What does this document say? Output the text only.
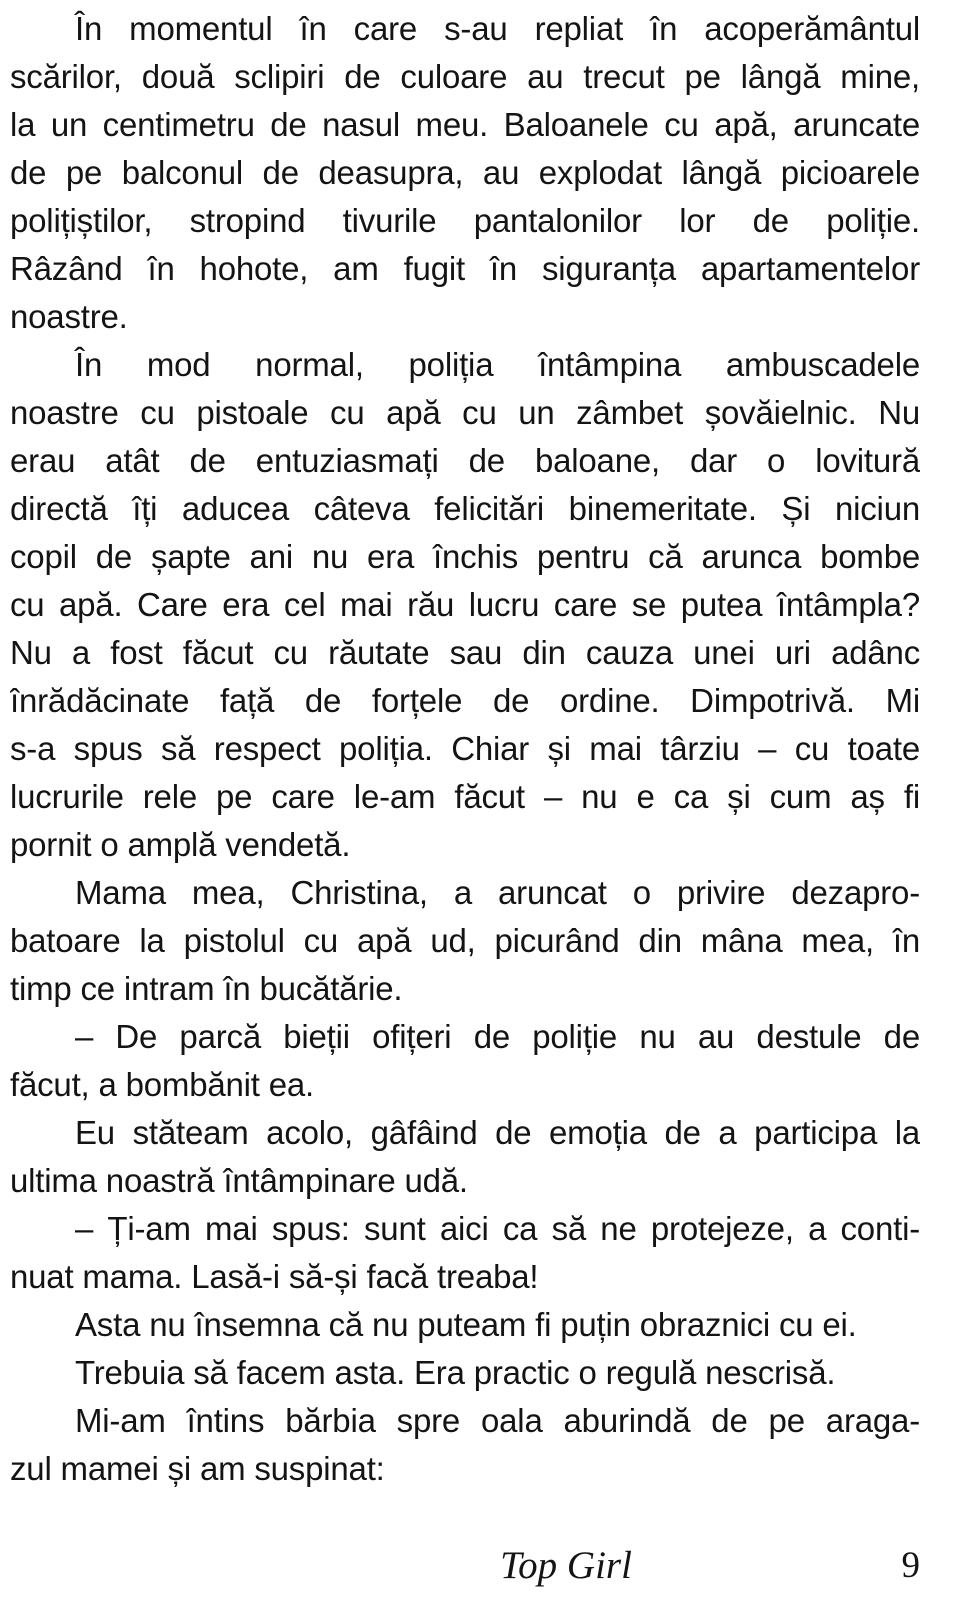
În momentul în care s-au repliat în acoperământul
scărilor, două sclipiri de culoare au trecut pe lângă mine,
la un centimetru de nasul meu. Baloanele cu apă, aruncate
de pe balconul de deasupra, au explodat lângă picioarele
polițiștilor, stropind tivurile pantalonilor lor de poliție.
Râzând în hohote, am fugit în siguranța apartamentelor
noastre.
În mod normal, poliția întâmpina ambuscadele
noastre cu pistoale cu apă cu un zâmbet șovăielnic. Nu
erau atât de entuziasmați de baloane, dar o lovitură
directă îți aducea câteva felicitări binemeritate. Și niciun
copil de șapte ani nu era închis pentru că arunca bombe
cu apă. Care era cel mai rău lucru care se putea întâmpla?
Nu a fost făcut cu răutate sau din cauza unei uri adânc
înrădăcinate față de forțele de ordine. Dimpotrivă. Mi
s-a spus să respect poliția. Chiar și mai târziu – cu toate
lucrurile rele pe care le-am făcut – nu e ca și cum aș fi
pornit o amplă vendetă.
Mama mea, Christina, a aruncat o privire dezapro-
batoare la pistolul cu apă ud, picurând din mâna mea, în
timp ce intram în bucătărie.
– De parcă bieții ofițeri de poliție nu au destule de
făcut, a bombănit ea.
Eu stăteam acolo, gâfâind de emoția de a participa la
ultima noastră întâmpinare udă.
– Ți-am mai spus: sunt aici ca să ne protejeze, a conti-
nuat mama. Lasă-i să-și facă treaba!
Asta nu însemna că nu puteam fi puțin obraznici cu ei.
Trebuia să facem asta. Era practic o regulă nescrisă.
Mi-am întins bărbia spre oala aburindă de pe araga-
zul mamei și am suspinat:
Top Girl	9
